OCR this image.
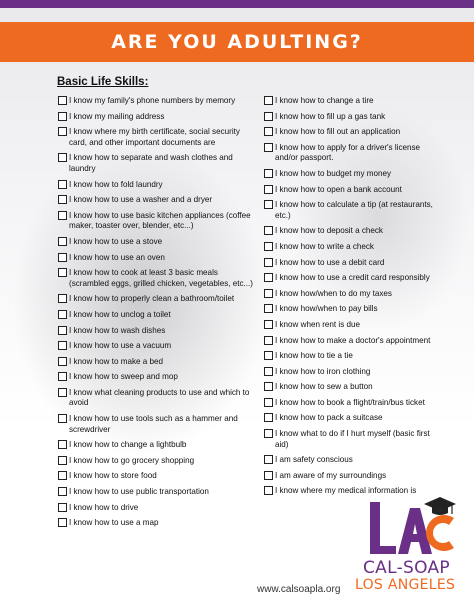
ARE YOU ADULTING?
Basic Life Skills:
I know my family's phone numbers by memory
I know my mailing address
I know where my birth certificate, social security card, and other important documents are
I know how to separate and wash clothes and laundry
I know how to fold laundry
I know how to use a washer and a dryer
I know how to use basic kitchen appliances (coffee maker, toaster over, blender, etc...)
I know how to use a stove
I know how to use an oven
I know how to cook at least 3 basic meals (scrambled eggs, grilled chicken, vegetables, etc...)
I know how to properly clean a bathroom/toilet
I know how to unclog a toilet
I know how to wash dishes
I know how to use a vacuum
I know how to make a bed
I know how to sweep and mop
I know what cleaning products to use and which to avoid
I know how to use tools such as a hammer and screwdriver
I know how to change a lightbulb
I know how to go grocery shopping
I know how to store food
I know how to use public transportation
I know how to drive
I know how to use a map
I know how to change a tire
I know how to fill up a gas tank
I know how to fill out an application
I know how to apply for a driver's license and/or passport.
I know how to budget my money
I know how to open a bank account
I know how to calculate a tip (at restaurants, etc.)
I know how to deposit a check
I know how to write a check
I know how to use a debit card
I know how to use a credit card responsibly
I know how/when to do my taxes
I know how/when to pay bills
I know when rent is due
I know how to make a doctor's appointment
I know how to tie a tie
I know how to iron clothing
I know how to sew a button
I know how to book a flight/train/bus ticket
I know how to pack a suitcase
I know what to do if I hurt myself (basic first aid)
I am safety conscious
I am aware of my surroundings
I know where my medical information is
CAL-SOAP
LOS ANGELES
www.calsoapla.org
